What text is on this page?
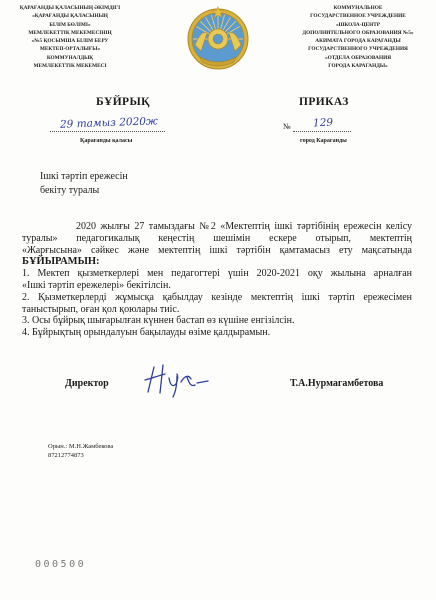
ҚАРАҒАНДЫ ҚАЛАСЫНЫҢ ӘКІМДІГІ
«ҚАРАҒАНДЫ ҚАЛАСЫНЫҢ
БІЛІМ БӨЛІМІ»
МЕМЛЕКЕТТІК МЕКЕМЕСІНІҢ
«№5 ҚОСЫМША БІЛІМ БЕРУ
МЕКТЕП-ОРТАЛЫҒЫ»
КОММУНАЛДЫҚ
МЕМЛЕКЕТТІК МЕКЕМЕСІ
КОММУНАЛЬНОЕ
ГОСУДАРСТВЕННОЕ УЧРЕЖДЕНИЕ
«ШКОЛА-ЦЕНТР
ДОПОЛНИТЕЛЬНОГО ОБРАЗОВАНИЯ №5»
АКИМАТА ГОРОДА КАРАГАНДЫ
ГОСУДАРСТВЕННОГО УЧРЕЖДЕНИЯ
«ОТДЕЛА ОБРАЗОВАНИЯ
ГОРОДА КАРАГАНДЫ»
БҰЙРЫҚ	ПРИКАЗ
29 тамыз 2020ж	№ 129
Қарағанды қаласы	город Караганды
Ішкі тәртіп ережесін
бекіту туралы
2020 жылғы 27 тамыздағы №2 «Мектептің ішкі тәртібінің ережесін келісу
туралы» педагогикалық кеңестің шешімін ескере отырып, мектептің
«Жарғысына» сәйкес және мектептің ішкі тәртібін қамтамасыз ету мақсатында
БҰЙЫРАМЫН:
1. Мектеп қызметкерлері мен педагогтері үшін 2020-2021 оқу жылына арналған
«Ішкі тәртіп ережелері» бекітілсін.
2. Қызметкерлерді жұмысқа қабылдау кезінде мектептің ішкі тәртіп ережесімен
таныстырып, оған қол қоюлары тиіс.
3. Осы бұйрық шығарылған күннен бастап өз күшіне енгізілсін.
4. Бұйрықтың орындалуын бақылауды өзіме қалдырамын.
Директор	Т.А.Нурмагамбетова
Орын.: М.Н.Жамбекова
87212774873
000500
